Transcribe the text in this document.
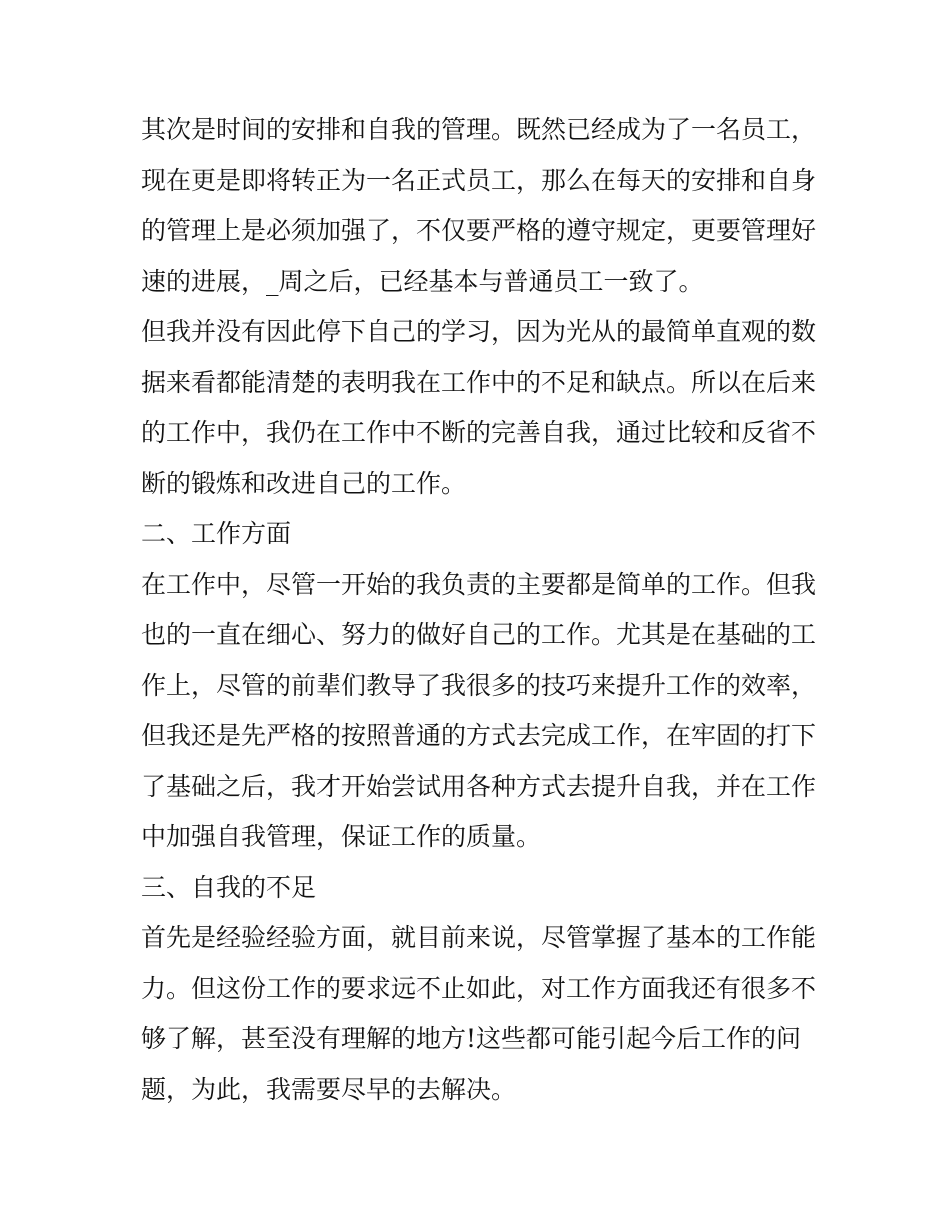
其次是时间的安排和自我的管理。既然已经成为了一名员工，
现在更是即将转正为一名正式员工，那么在每天的安排和自身
的管理上是必须加强了，不仅要严格的遵守规定，更要管理好
速的进展，_周之后，已经基本与普通员工一致了。
但我并没有因此停下自己的学习，因为光从的最简单直观的数
据来看都能清楚的表明我在工作中的不足和缺点。所以在后来
的工作中，我仍在工作中不断的完善自我，通过比较和反省不
断的锻炼和改进自己的工作。
二、工作方面
在工作中，尽管一开始的我负责的主要都是简单的工作。但我
也的一直在细心、努力的做好自己的工作。尤其是在基础的工
作上，尽管的前辈们教导了我很多的技巧来提升工作的效率，
但我还是先严格的按照普通的方式去完成工作，在牢固的打下
了基础之后，我才开始尝试用各种方式去提升自我，并在工作
中加强自我管理，保证工作的质量。
三、自我的不足
首先是经验经验方面，就目前来说，尽管掌握了基本的工作能
力。但这份工作的要求远不止如此，对工作方面我还有很多不
够了解，甚至没有理解的地方!这些都可能引起今后工作的问
题，为此，我需要尽早的去解决。
